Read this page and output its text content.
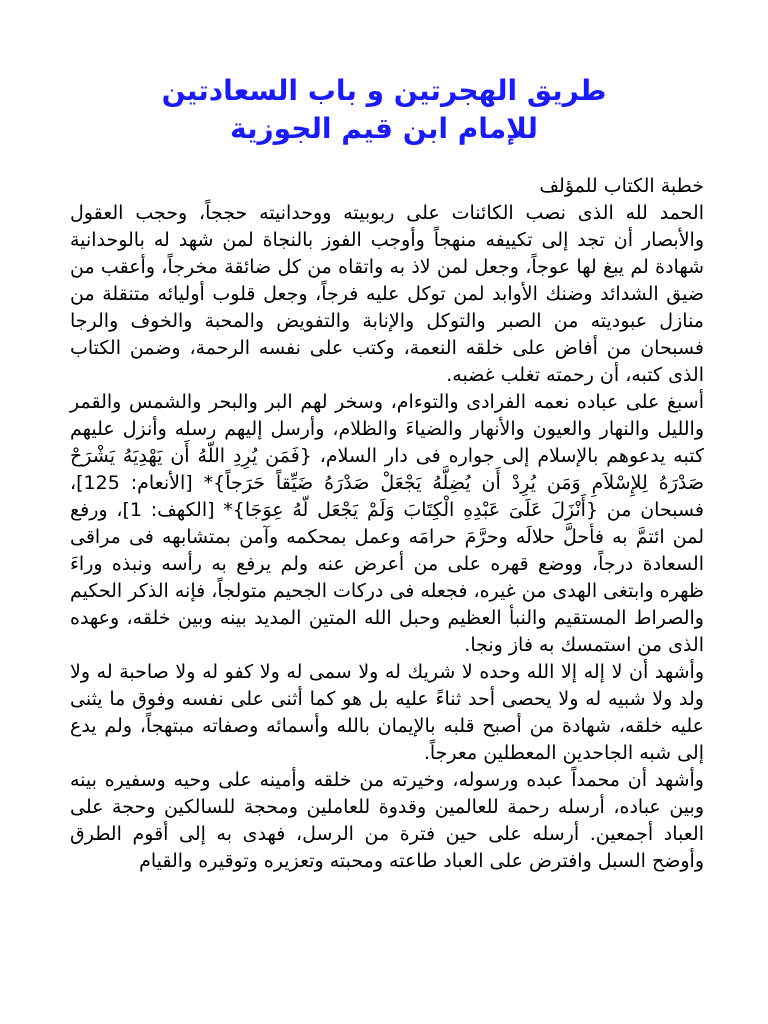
طريق الهجرتين و باب السعادتين
للإمام ابن قيم الجوزية

خطبة الكتاب للمؤلف

الحمد لله الذى نصب الكائنات على ربوبيته ووحدانيته حججاً، وحجب العقول والأبصار أن تجد إلى تكييفه منهجاً وأوجب الفوز بالنجاة لمن شهد له بالوحدانية شهادة لم يبغ لها عوجاً، وجعل لمن لاذ به واتقاه من كل ضائقة مخرجاً، وأعقب من ضيق الشدائد وضنك الأوابد لمن توكل عليه فرجاً، وجعل قلوب أوليائه متنقلة من منازل عبوديته من الصبر والتوكل والإنابة والتفويض والمحبة والخوف والرجا فسبحان من أفاض على خلقه النعمة، وكتب على نفسه الرحمة، وضمن الكتاب الذى كتبه، أن رحمته تغلب غضبه.

أسبغ على عباده نعمه الفرادى والتوءام، وسخر لهم البر والبحر والشمس والقمر والليل والنهار والعيون والأنهار والضياءَ والظلام، وأرسل إليهم رسله وأنزل عليهم كتبه يدعوهم بالإسلام إلى جواره فى دار السلام، {فَمَن يُرِدِ اللّهُ أَن يَهْدِيَهُ يَشْرَحْ صَدْرَهُ لِلإِسْلاَمِ وَمَن يُرِدْ أَن يُضِلَّهُ يَجْعَلْ صَدْرَهُ ضَيِّقاً حَرَجاً}* [الأنعام: 125]، فسبحان من {أَنْزَلَ عَلَىَ عَبْدِهِ الْكِتَابَ وَلَمْ يَجْعَل لّهُ عِوَجَا}* [الكهف: 1]، ورفع لمن ائتمَّ به فأحلَّ حلالَه وحرَّمَ حرامَه وعمل بمحكمه وآمن بمتشابهه فى مراقى السعادة درجاً، ووضع قهره على من أعرض عنه ولم يرفع به رأسه ونبذه وراءَ ظهره وابتغى الهدى من غيره، فجعله فى دركات الجحيم متولجاً، فإنه الذكر الحكيم والصراط المستقيم والنبأ العظيم وحبل الله المتين المديد بينه وبين خلقه، وعهده الذى من استمسك به فاز ونجا.

وأشهد أن لا إله إلا الله وحده لا شريك له ولا سمى له ولا كفو له ولا صاحبة له ولا ولد ولا شبيه له ولا يحصى أحد ثناءً عليه بل هو كما أثنى على نفسه وفوق ما يثنى عليه خلقه، شهادة من أصبح قلبه بالإيمان بالله وأسمائه وصفاته مبتهجاً، ولم يدع إلى شبه الجاحدين المعطلين معرجاً.

وأشهد أن محمداً عبده ورسوله، وخيرته من خلقه وأمينه على وحيه وسفيره بينه وبين عباده، أرسله رحمة للعالمين وقدوة للعاملين ومحجة للسالكين وحجة على العباد أجمعين. أرسله على حين فترة من الرسل، فهدى به إلى أقوم الطرق وأوضح السبل وافترض على العباد طاعته ومحبته وتعزيره وتوقيره والقيام
